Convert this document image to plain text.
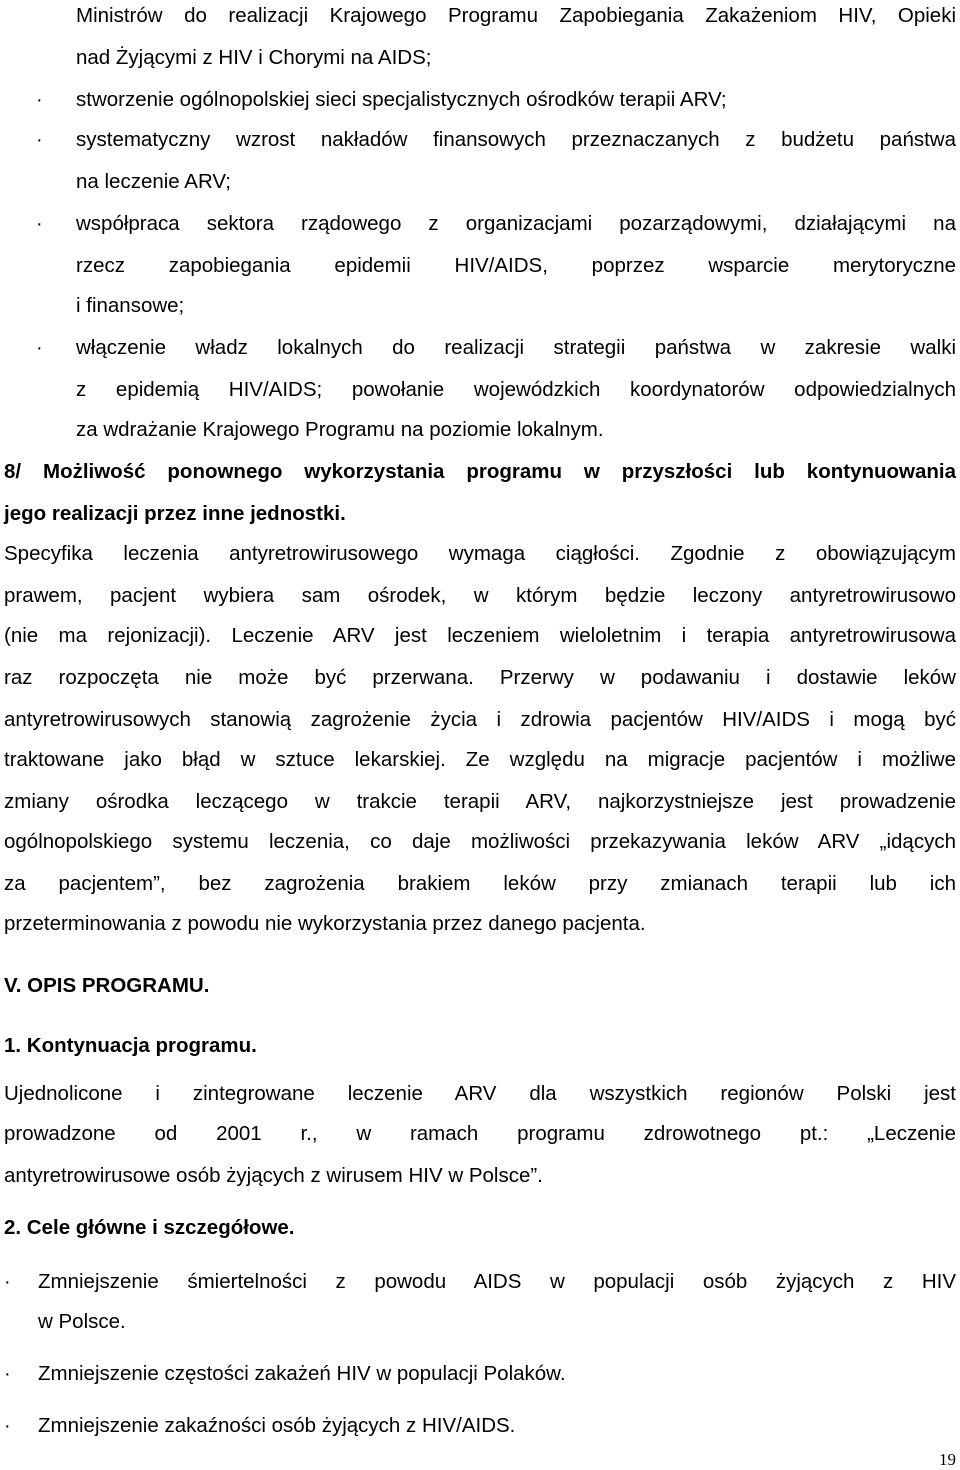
Ministrów do realizacji Krajowego Programu Zapobiegania Zakażeniom HIV, Opieki
nad Żyjącymi z HIV i Chorymi na AIDS;
· stworzenie ogólnopolskiej sieci specjalistycznych ośrodków terapii ARV;
· systematyczny wzrost nakładów finansowych przeznaczanych z budżetu państwa
na leczenie ARV;
· współpraca sektora rządowego z organizacjami pozarządowymi, działającymi na
rzecz zapobiegania epidemii HIV/AIDS, poprzez wsparcie merytoryczne
i finansowe;
· włączenie władz lokalnych do realizacji strategii państwa w zakresie walki
z epidemią HIV/AIDS; powołanie wojewódzkich koordynatorów odpowiedzialnych
za wdrażanie Krajowego Programu na poziomie lokalnym.
8/ Możliwość ponownego wykorzystania programu w przyszłości lub kontynuowania
jego realizacji przez inne jednostki.
Specyfika leczenia antyretrowirusowego wymaga ciągłości. Zgodnie z obowiązującym
prawem, pacjent wybiera sam ośrodek, w którym będzie leczony antyretrowirusowo
(nie ma rejonizacji). Leczenie ARV jest leczeniem wieloletnim i terapia antyretrowirusowa
raz rozpoczęta nie może być przerwana. Przerwy w podawaniu i dostawie leków
antyretrowirusowych stanowią zagrożenie życia i zdrowia pacjentów HIV/AIDS i mogą być
traktowane jako błąd w sztuce lekarskiej. Ze względu na migracje pacjentów i możliwe
zmiany ośrodka leczącego w trakcie terapii ARV, najkorzystniejsze jest prowadzenie
ogólnopolskiego systemu leczenia, co daje możliwości przekazywania leków ARV „idących
za pacjentem”, bez zagrożenia brakiem leków przy zmianach terapii lub ich
przeterminowania z powodu nie wykorzystania przez danego pacjenta.
V. OPIS PROGRAMU.
1. Kontynuacja programu.
Ujednolicone i zintegrowane leczenie ARV dla wszystkich regionów Polski jest
prowadzone od 2001 r., w ramach programu zdrowotnego pt.: „Leczenie
antyretrowirusowe osób żyjących z wirusem HIV w Polsce”.
2. Cele główne i szczegółowe.
· Zmniejszenie śmiertelności z powodu AIDS w populacji osób żyjących z HIV
w Polsce.
· Zmniejszenie częstości zakażeń HIV w populacji Polaków.
· Zmniejszenie zakaźności osób żyjących z HIV/AIDS.
19
